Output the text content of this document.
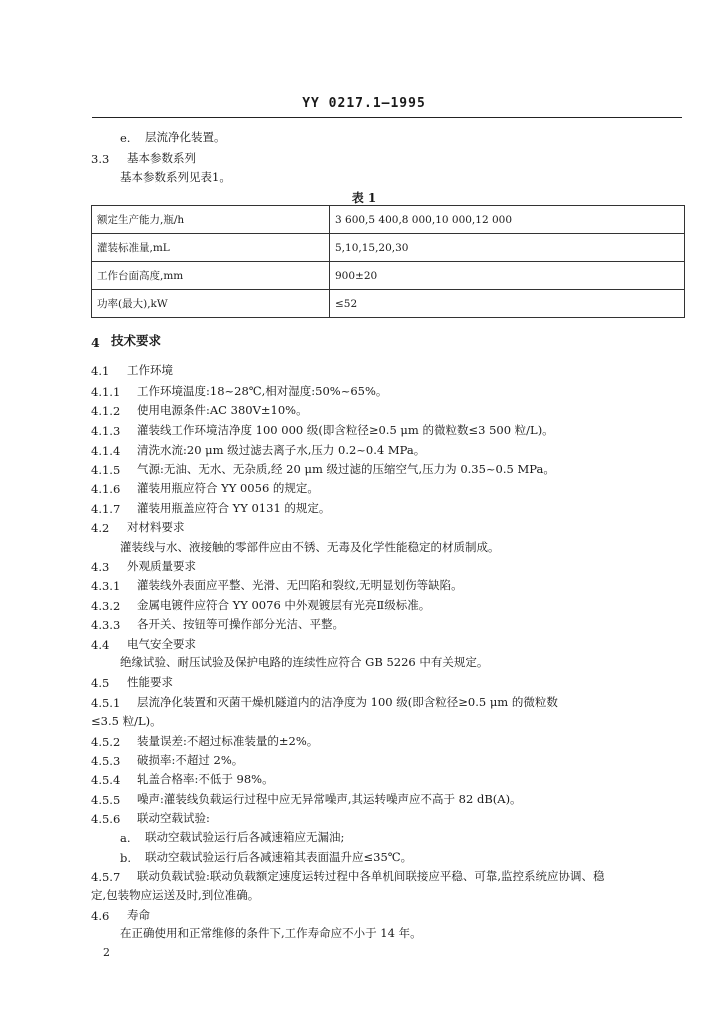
YY 0217.1—1995
e. 层流净化装置。
3.3 基本参数系列
基本参数系列见表1。
表 1
额定生产能力,瓶/h	3 600,5 400,8 000,10 000,12 000
灌装标准量,mL	5,10,15,20,30
工作台面高度,mm	900±20
功率(最大),kW	≤52
4 技术要求
4.1 工作环境
4.1.1 工作环境温度:18~28℃,相对湿度:50%~65%。
4.1.2 使用电源条件:AC 380V±10%。
4.1.3 灌装线工作环境洁净度 100 000 级(即含粒径≥0.5 μm 的微粒数≤3 500 粒/L)。
4.1.4 清洗水流:20 μm 级过滤去离子水,压力 0.2~0.4 MPa。
4.1.5 气源:无油、无水、无杂质,经 20 μm 级过滤的压缩空气,压力为 0.35~0.5 MPa。
4.1.6 灌装用瓶应符合 YY 0056 的规定。
4.1.7 灌装用瓶盖应符合 YY 0131 的规定。
4.2 对材料要求
灌装线与水、液接触的零部件应由不锈、无毒及化学性能稳定的材质制成。
4.3 外观质量要求
4.3.1 灌装线外表面应平整、光滑、无凹陷和裂纹,无明显划伤等缺陷。
4.3.2 金属电镀件应符合 YY 0076 中外观镀层有光亮Ⅱ级标准。
4.3.3 各开关、按钮等可操作部分光洁、平整。
4.4 电气安全要求
绝缘试验、耐压试验及保护电路的连续性应符合 GB 5226 中有关规定。
4.5 性能要求
4.5.1 层流净化装置和灭菌干燥机隧道内的洁净度为 100 级(即含粒径≥0.5 μm 的微粒数
≤3.5 粒/L)。
4.5.2 装量误差:不超过标准装量的±2%。
4.5.3 破损率:不超过 2%。
4.5.4 轧盖合格率:不低于 98%。
4.5.5 噪声:灌装线负载运行过程中应无异常噪声,其运转噪声应不高于 82 dB(A)。
4.5.6 联动空载试验:
a. 联动空载试验运行后各减速箱应无漏油;
b. 联动空载试验运行后各减速箱其表面温升应≤35℃。
4.5.7 联动负载试验:联动负载额定速度运转过程中各单机间联接应平稳、可靠,监控系统应协调、稳
定,包装物应运送及时,到位准确。
4.6 寿命
在正确使用和正常维修的条件下,工作寿命应不小于 14 年。
2
